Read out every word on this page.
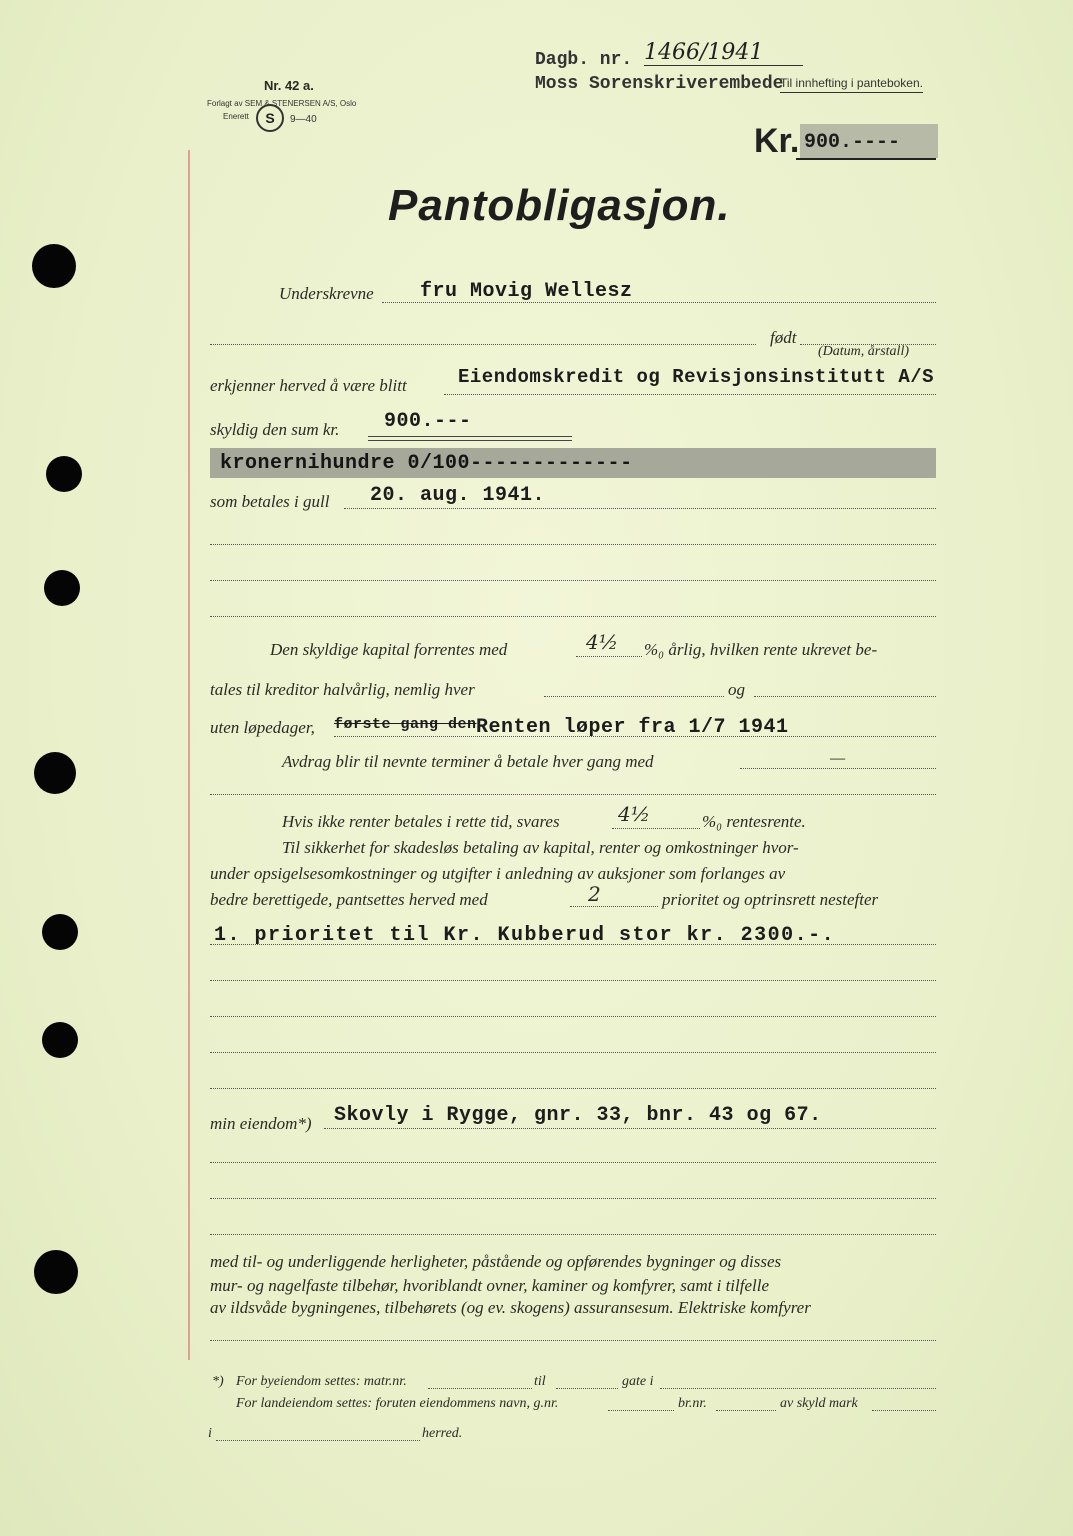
Nr. 42 a.
Forlagt av SEM & STENERSEN A/S, Oslo
Enerett	S	9—40
Dagb. nr. 1466/1941
Moss Sorenskriverembede
Til innhefting i panteboken.
Kr. 900.----
Pantobligasjon.
Underskrevne fru Movig Wellesz
født
(Datum, årstall)
erkjenner herved å være blitt	Eiendomskredit og Revisjonsinstitutt A/S
skyldig den sum kr. 900.---
kronernihundre 0/100-------------
som betales i gull 20. aug. 1941.
Den skyldige kapital forrentes med	4½ %₀ årlig, hvilken rente ukrevet be-
tales til kreditor halvårlig, nemlig hver	og
uten løpedager, første gang den Renten løper fra 1/7 1941
Avdrag blir til nevnte terminer å betale hver gang med	—
Hvis ikke renter betales i rette tid, svares	4½	%₀ rentesrente.
Til sikkerhet for skadesløs betaling av kapital, renter og omkostninger hvor-
under opsigelsesomkostninger og utgifter i anledning av auksjoner som forlanges av
bedre berettigede, pantsettes herved med	2	prioritet og optrinsrett nestefter
1. prioritet til Kr. Kubberud stor kr. 2300.-.
min eiendom*) Skovly i Rygge, gnr. 33, bnr. 43 og 67.
med til- og underliggende herligheter, påstående og opførendes bygninger og disses
mur- og nagelfaste tilbehør, hvoriblandt ovner, kaminer og komfyrer, samt i tilfelle
av ildsvåde bygningenes, tilbehørets (og ev. skogens) assuransesum. Elektriske komfyrer
*) For byeiendom settes: matr.nr.	til	gate i
For landeiendom settes: foruten eiendommens navn, g.nr.	br.nr.	av skyld mark
i	herred.
